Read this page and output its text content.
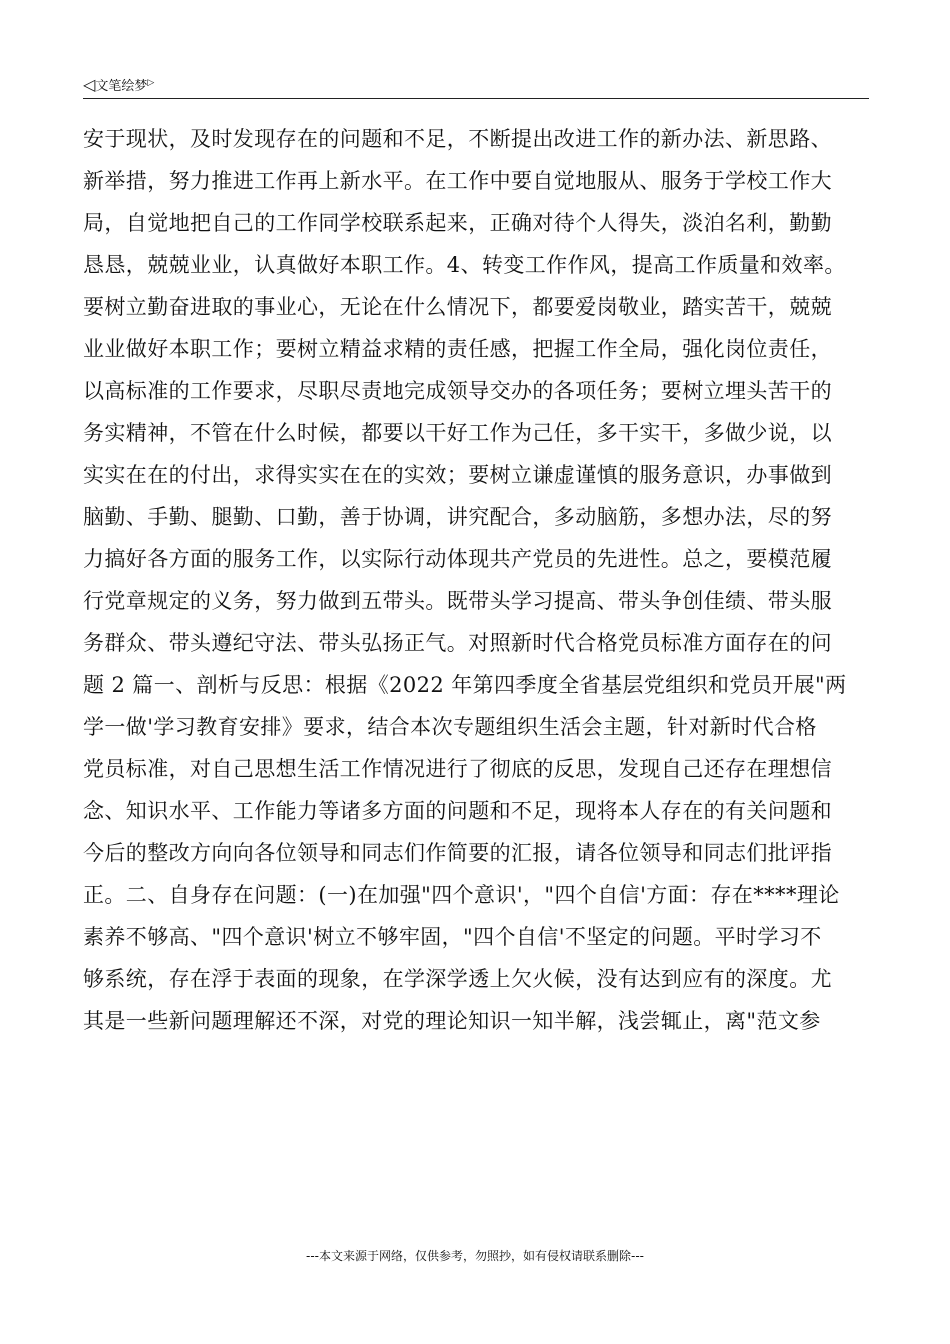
◁文笔绘梦▷
安于现状，及时发现存在的问题和不足，不断提出改进工作的新办法、新思路、
新举措，努力推进工作再上新水平。在工作中要自觉地服从、服务于学校工作大
局，自觉地把自己的工作同学校联系起来，正确对待个人得失，淡泊名利，勤勤
恳恳，兢兢业业，认真做好本职工作。4、转变工作作风，提高工作质量和效率。
要树立勤奋进取的事业心，无论在什么情况下，都要爱岗敬业，踏实苦干，兢兢
业业做好本职工作；要树立精益求精的责任感，把握工作全局，强化岗位责任，
以高标准的工作要求，尽职尽责地完成领导交办的各项任务；要树立埋头苦干的
务实精神，不管在什么时候，都要以干好工作为己任，多干实干，多做少说，以
实实在在的付出，求得实实在在的实效；要树立谦虚谨慎的服务意识，办事做到
脑勤、手勤、腿勤、口勤，善于协调，讲究配合，多动脑筋，多想办法，尽的努
力搞好各方面的服务工作，以实际行动体现共产党员的先进性。总之，要模范履
行党章规定的义务，努力做到五带头。既带头学习提高、带头争创佳绩、带头服
务群众、带头遵纪守法、带头弘扬正气。对照新时代合格党员标准方面存在的问
题 2 篇一、剖析与反思：根据《2022 年第四季度全省基层党组织和党员开展"两
学一做'学习教育安排》要求，结合本次专题组织生活会主题，针对新时代合格
党员标准，对自己思想生活工作情况进行了彻底的反思，发现自己还存在理想信
念、知识水平、工作能力等诸多方面的问题和不足，现将本人存在的有关问题和
今后的整改方向向各位领导和同志们作简要的汇报，请各位领导和同志们批评指
正。二、自身存在问题：(一)在加强"四个意识'，"四个自信'方面：存在****理论
素养不够高、"四个意识'树立不够牢固，"四个自信'不坚定的问题。平时学习不
够系统，存在浮于表面的现象，在学深学透上欠火候，没有达到应有的深度。尤
其是一些新问题理解还不深，对党的理论知识一知半解，浅尝辄止，离"范文参
---本文来源于网络，仅供参考，勿照抄，如有侵权请联系删除---
